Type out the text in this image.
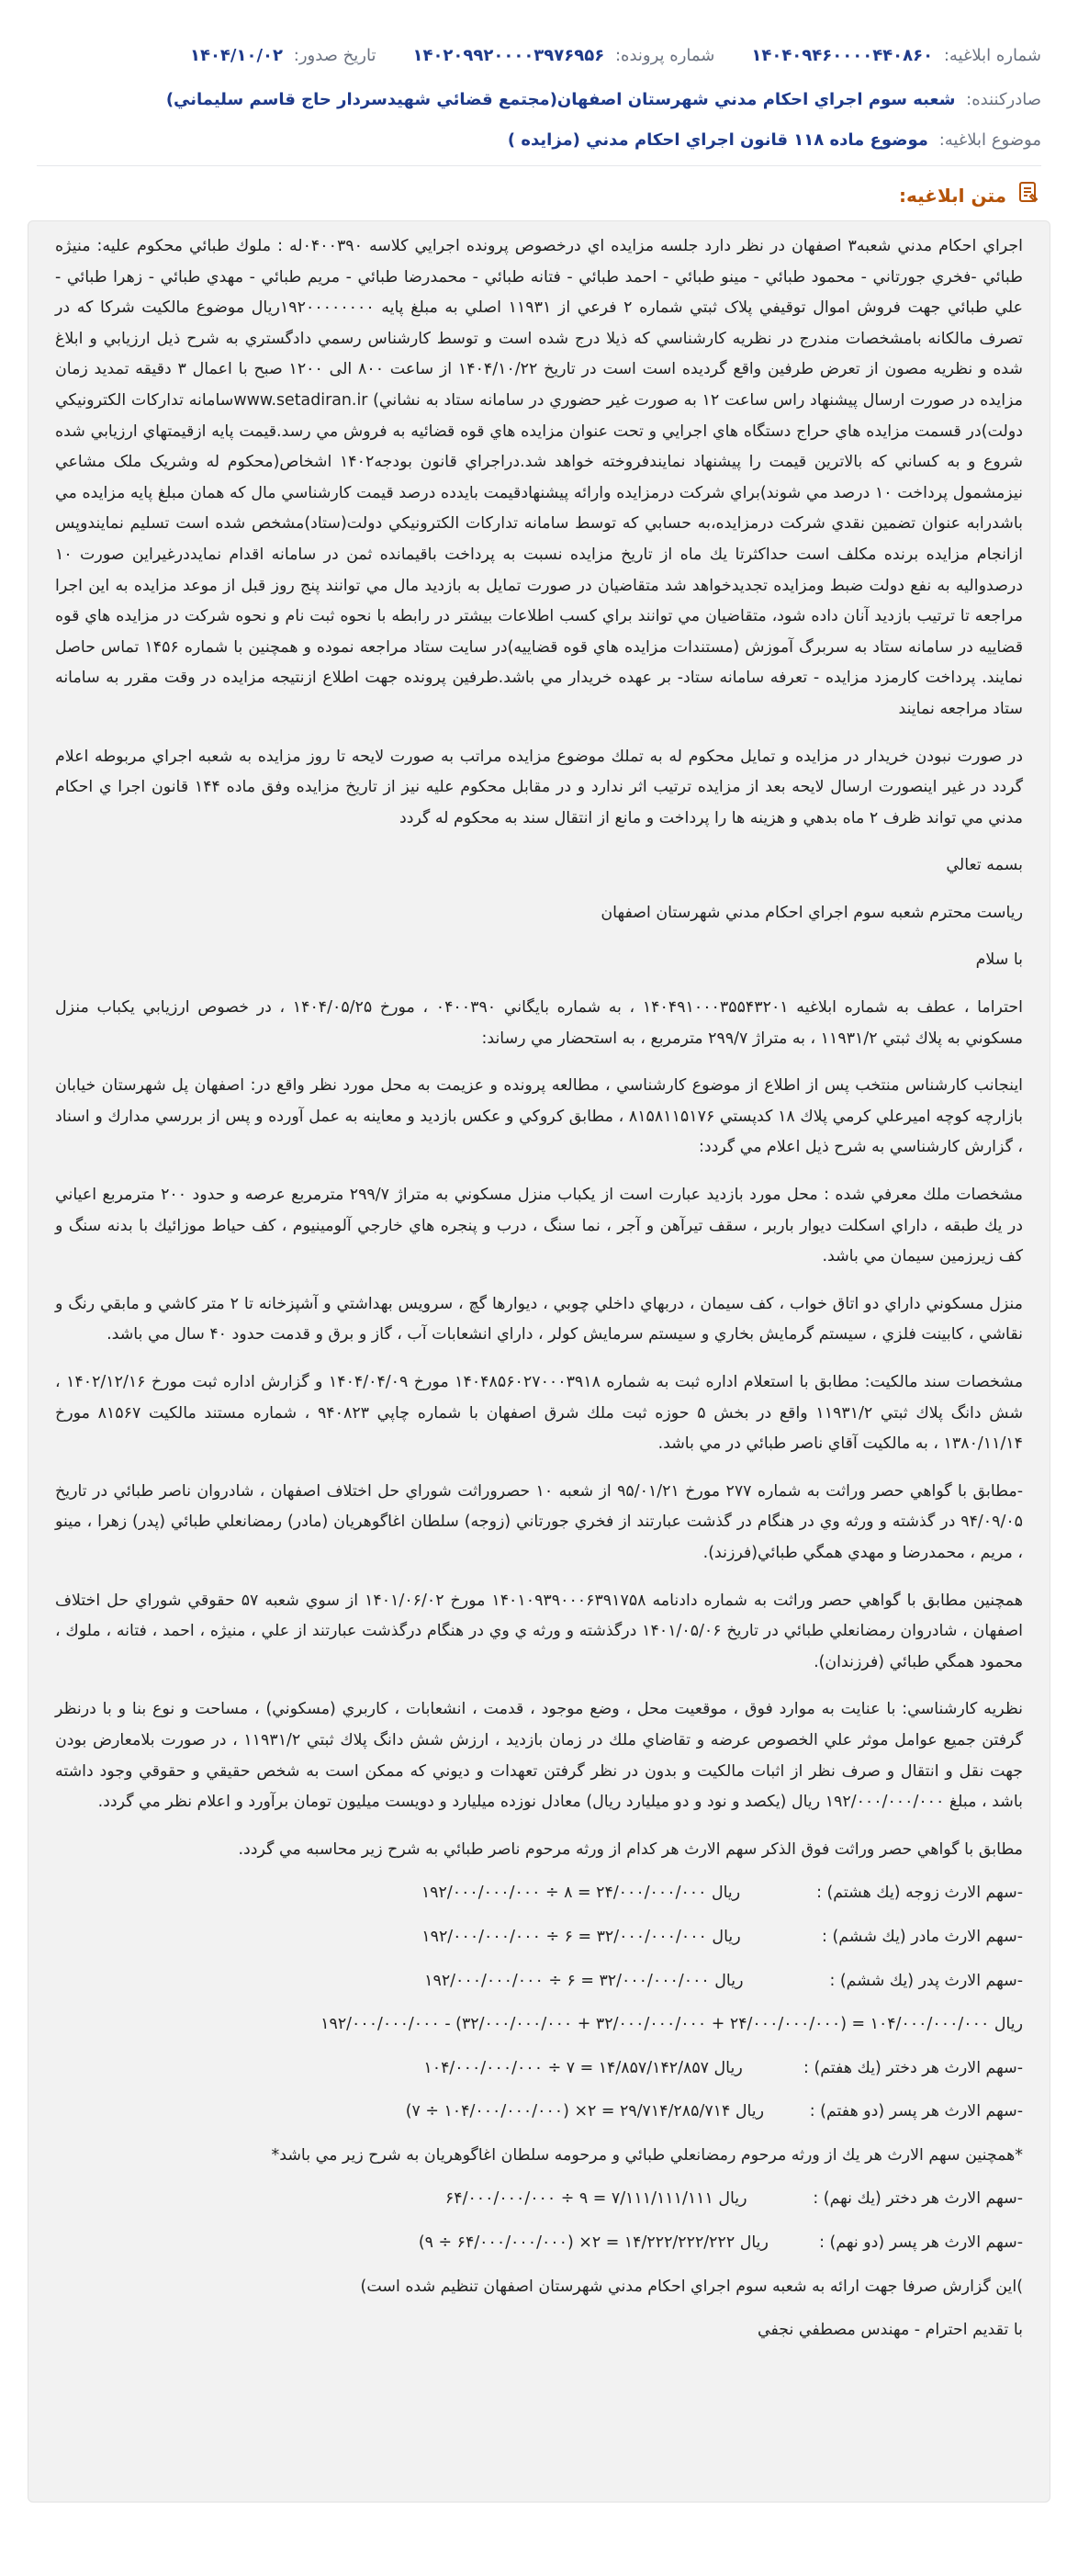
شماره ابلاغيه: ۱۴۰۴۰۹۴۶۰۰۰۰۴۴۰۸۶۰
شماره پرونده: ۱۴۰۲۰۹۹۲۰۰۰۰۳۹۷۶۹۵۶
تاريخ صدور: ۱۴۰۴/۱۰/۰۲
صادرکننده: شعبه سوم اجراي احكام مدني شهرستان اصفهان(مجتمع قضائي شهيدسردار حاج قاسم سليماني)
موضوع ابلاغيه: موضوع ماده ۱۱۸ قانون اجراي احکام مدني (مزايده )
متن ابلاغيه:

اجراي احكام مدني شعبه۳ اصفهان در نظر دارد جلسه مزايده اي درخصوص پرونده اجرايي كلاسه ۰۴۰۰۳۹۰له : ملوك طبائي محكوم عليه: منيژه طبائي -فخري جورتاني - محمود طبائي - مينو طبائي - احمد طبائي - فتانه طبائي - محمدرضا طبائي - مريم طبائي - مهدي طبائي - زهرا طبائي - علي طبائي جهت فروش اموال توقيفي پلاک ثبتي شماره ۲ فرعي از ۱۱۹۳۱ اصلي به مبلغ پايه ۱۹۲۰۰۰۰۰۰۰۰ريال موضوع مالكيت شرکا که در تصرف مالکانه بامشخصات مندرج در نظريه كارشناسي كه ذيلا درج شده است و توسط كارشناس رسمي دادگستري به شرح ذيل ارزيابي و ابلاغ شده و نظريه مصون از تعرض طرفين واقع گرديده است است در تاريخ ۱۴۰۴/۱۰/۲۲ از ساعت ۸۰۰ الی ۱۲۰۰ صبح با اعمال ۳ دقیقه تمدید زمان مزایده در صورت ارسال پیشنهاد راس ساعت ۱۲ به صورت غير حضوري در سامانه ستاد به نشاني) www.setadiran.irسامانه تداركات الكترونيكي دولت)در قسمت مزايده هاي حراج دستگاه هاي اجرايي و تحت عنوان مزايده هاي قوه قضائيه به فروش مي رسد.قيمت پايه ازقيمتهاي ارزيابي شده شروع و به كساني كه بالاترين قيمت را پيشنهاد نمايندفروخته خواهد شد.دراجراي قانون بودجه۱۴۰۲ اشخاص(محكوم له وشريک ملک مشاعي نيزمشمول پرداخت ۱۰ درصد مي شوند)براي شركت درمزايده وارائه پيشنهادقيمت بايدده درصد قيمت كارشناسي مال كه همان مبلغ پايه مزايده مي باشدرابه عنوان تضمين نقدي شركت درمزايده،به حسابي كه توسط سامانه تداركات الكترونيكي دولت(ستاد)مشخص شده است تسليم نمايندوپس ازانجام مزايده برنده مكلف است حداكثرتا يك ماه از تاريخ مزايده نسبت به پرداخت باقيمانده ثمن در سامانه اقدام نمايددرغيراين صورت ۱۰ درصدواليه به نفع دولت ضبط ومزايده تجديدخواهد شد متقاضيان در صورت تمايل به بازديد مال مي توانند پنج روز قبل از موعد مزايده به اين اجرا مراجعه تا ترتيب بازديد آنان داده شود، متقاضيان مي توانند براي كسب اطلاعات بيشتر در رابطه با نحوه ثبت نام و نحوه شركت در مزايده هاي قوه قضاييه در سامانه ستاد به سربرگ آموزش (مستندات مزايده هاي قوه قضاييه)در سايت ستاد مراجعه نموده و همچنين با شماره ۱۴۵۶ تماس حاصل نمايند. پرداخت كارمزد مزايده - تعرفه سامانه ستاد- بر عهده خريدار مي باشد.طرفين پرونده جهت اطلاع ازنتيجه مزايده در وقت مقرر به سامانه ستاد مراجعه نمايند

در صورت نبودن خريدار در مزايده و تمايل محكوم له به تملك موضوع مزايده مراتب به صورت لايحه تا روز مزايده به شعبه اجراي مربوطه اعلام گردد در غير اينصورت ارسال لايحه بعد از مزايده ترتيب اثر ندارد و در مقابل محكوم عليه نيز از تاريخ مزايده وفق ماده ۱۴۴ قانون اجرا ي احكام مدني مي تواند ظرف ۲ ماه بدهي و هزينه ها را پرداخت و مانع از انتقال سند به محكوم له گردد

بسمه تعالي

رياست محترم شعبه سوم اجراي احكام مدني شهرستان اصفهان

با سلام

احتراما ، عطف به شماره ابلاغيه ۱۴۰۴۹۱۰۰۰۳۵۵۴۳۲۰۱ ، به شماره بايگاني ۰۴۰۰۳۹۰ ، مورخ ۱۴۰۴/۰۵/۲۵ ، در خصوص ارزيابي يكباب منزل مسكوني به پلاك ثبتي ۱۱۹۳۱/۲ ، به متراژ ۲۹۹/۷ مترمربع ، به استحضار مي رساند:

اينجانب كارشناس منتخب پس از اطلاع از موضوع كارشناسي ، مطالعه پرونده و عزيمت به محل مورد نظر واقع در: اصفهان پل شهرستان خيابان بازارچه كوچه اميرعلي كرمي پلاك ۱۸ كدپستي ۸۱۵۸۱۱۵۱۷۶ ، مطابق كروكي و عكس بازديد و معاينه به عمل آورده و پس از بررسي مدارك و اسناد ، گزارش كارشناسي به شرح ذيل اعلام مي گردد:

مشخصات ملك معرفي شده : محل مورد بازديد عبارت است از يكباب منزل مسكوني به متراژ ۲۹۹/۷ مترمربع عرصه و حدود ۲۰۰ مترمربع اعياني در يك طبقه ، داراي اسكلت ديوار باربر ، سقف تيرآهن و آجر ، نما سنگ ، درب و پنجره هاي خارجي آلومينيوم ، كف حياط موزائيك با بدنه سنگ و كف زيرزمين سيمان مي باشد.

منزل مسكوني داراي دو اتاق خواب ، كف سيمان ، دربهاي داخلي چوبي ، ديوارها گچ ، سرويس بهداشتي و آشپزخانه تا ۲ متر كاشي و مابقي رنگ و نقاشي ، كابينت فلزي ، سيستم گرمايش بخاري و سيستم سرمايش كولر ، داراي انشعابات آب ، گاز و برق و قدمت حدود ۴۰ سال مي باشد.

مشخصات سند مالكيت: مطابق با استعلام اداره ثبت به شماره ۱۴۰۴۸۵۶۰۲۷۰۰۰۳۹۱۸ مورخ ۱۴۰۴/۰۴/۰۹ و گزارش اداره ثبت مورخ ۱۴۰۲/۱۲/۱۶ ، شش دانگ پلاك ثبتي ۱۱۹۳۱/۲ واقع در بخش ۵ حوزه ثبت ملك شرق اصفهان با شماره چاپي ۹۴۰۸۲۳ ، شماره مستند مالكيت ۸۱۵۶۷ مورخ ۱۳۸۰/۱۱/۱۴ ، به مالكيت آقاي ناصر طبائي در مي باشد.

-مطابق با گواهي حصر وراثت به شماره ۲۷۷ مورخ ۹۵/۰۱/۲۱ از شعبه ۱۰ حصروراثت شوراي حل اختلاف اصفهان ، شادروان ناصر طبائي در تاريخ ۹۴/۰۹/۰۵ در گذشته و ورثه وي در هنگام در گذشت عبارتند از فخري جورتاني (زوجه) سلطان اغاگوهريان (مادر) رمضانعلي طبائي (پدر) زهرا ، مينو ، مريم ، محمدرضا و مهدي همگي طبائي(فرزند).

همچنين مطابق با گواهي حصر وراثت به شماره دادنامه ۱۴۰۱۰۹۳۹۰۰۰۶۳۹۱۷۵۸ مورخ ۱۴۰۱/۰۶/۰۲ از سوي شعبه ۵۷ حقوقي شوراي حل اختلاف اصفهان ، شادروان رمضانعلي طبائي در تاريخ ۱۴۰۱/۰۵/۰۶ درگذشته و ورثه ي وي در هنگام درگذشت عبارتند از علي ، منيژه ، احمد ، فتانه ، ملوك ، محمود همگي طبائي (فرزندان).

نظريه كارشناسي: با عنايت به موارد فوق ، موقعيت محل ، وضع موجود ، قدمت ، انشعابات ، كاربري (مسكوني) ، مساحت و نوع بنا و با درنظر گرفتن جميع عوامل موثر علي الخصوص عرضه و تقاضاي ملك در زمان بازديد ، ارزش شش دانگ پلاك ثبتي ۱۱۹۳۱/۲ ، در صورت بلامعارض بودن جهت نقل و انتقال و صرف نظر از اثبات مالكيت و بدون در نظر گرفتن تعهدات و ديوني كه ممكن است به شخص حقيقي و حقوقي وجود داشته باشد ، مبلغ ۱۹۲/۰۰۰/۰۰۰/۰۰۰ ريال (يكصد و نود و دو ميليارد ريال) معادل نوزده ميليارد و دويست ميليون تومان برآورد و اعلام نظر مي گردد.

مطابق با گواهي حصر وراثت فوق الذكر سهم الارث هر كدام از ورثه مرحوم ناصر طبائي به شرح زير محاسبه مي گردد.

-سهم الارث زوجه (يك هشتم) :               ريال ۲۴/۰۰۰/۰۰۰/۰۰۰ = ۸ ÷ ۱۹۲/۰۰۰/۰۰۰/۰۰۰

-سهم الارث مادر (يك ششم) :                ريال ۳۲/۰۰۰/۰۰۰/۰۰۰ = ۶ ÷ ۱۹۲/۰۰۰/۰۰۰/۰۰۰

-سهم الارث پدر (يك ششم) :                 ريال ۳۲/۰۰۰/۰۰۰/۰۰۰ = ۶ ÷ ۱۹۲/۰۰۰/۰۰۰/۰۰۰

ريال ۱۰۴/۰۰۰/۰۰۰/۰۰۰ = (۲۴/۰۰۰/۰۰۰/۰۰۰ + ۳۲/۰۰۰/۰۰۰/۰۰۰ + ۳۲/۰۰۰/۰۰۰/۰۰۰) - ۱۹۲/۰۰۰/۰۰۰/۰۰۰

-سهم الارث هر دختر (يك هفتم) :            ريال ۱۴/۸۵۷/۱۴۲/۸۵۷ = ۷ ÷ ۱۰۴/۰۰۰/۰۰۰/۰۰۰

-سهم الارث هر پسر (دو هفتم) :         ريال ۲۹/۷۱۴/۲۸۵/۷۱۴ = ۲× (۱۰۴/۰۰۰/۰۰۰/۰۰۰ ÷ ۷)

*همچنين سهم الارث هر يك از ورثه مرحوم رمضانعلي طبائي و مرحومه سلطان اغاگوهريان به شرح زير مي باشد*

-سهم الارث هر دختر (يك نهم) :             ريال ۷/۱۱۱/۱۱۱/۱۱۱ = ۹ ÷ ۶۴/۰۰۰/۰۰۰/۰۰۰

-سهم الارث هر پسر (دو نهم) :          ريال ۱۴/۲۲۲/۲۲۲/۲۲۲ = ۲× (۶۴/۰۰۰/۰۰۰/۰۰۰ ÷ ۹)

)اين گزارش صرفا جهت ارائه به شعبه سوم اجراي احكام مدني شهرستان اصفهان تنظيم شده است)

با تقديم احترام - مهندس مصطفي نجفي
